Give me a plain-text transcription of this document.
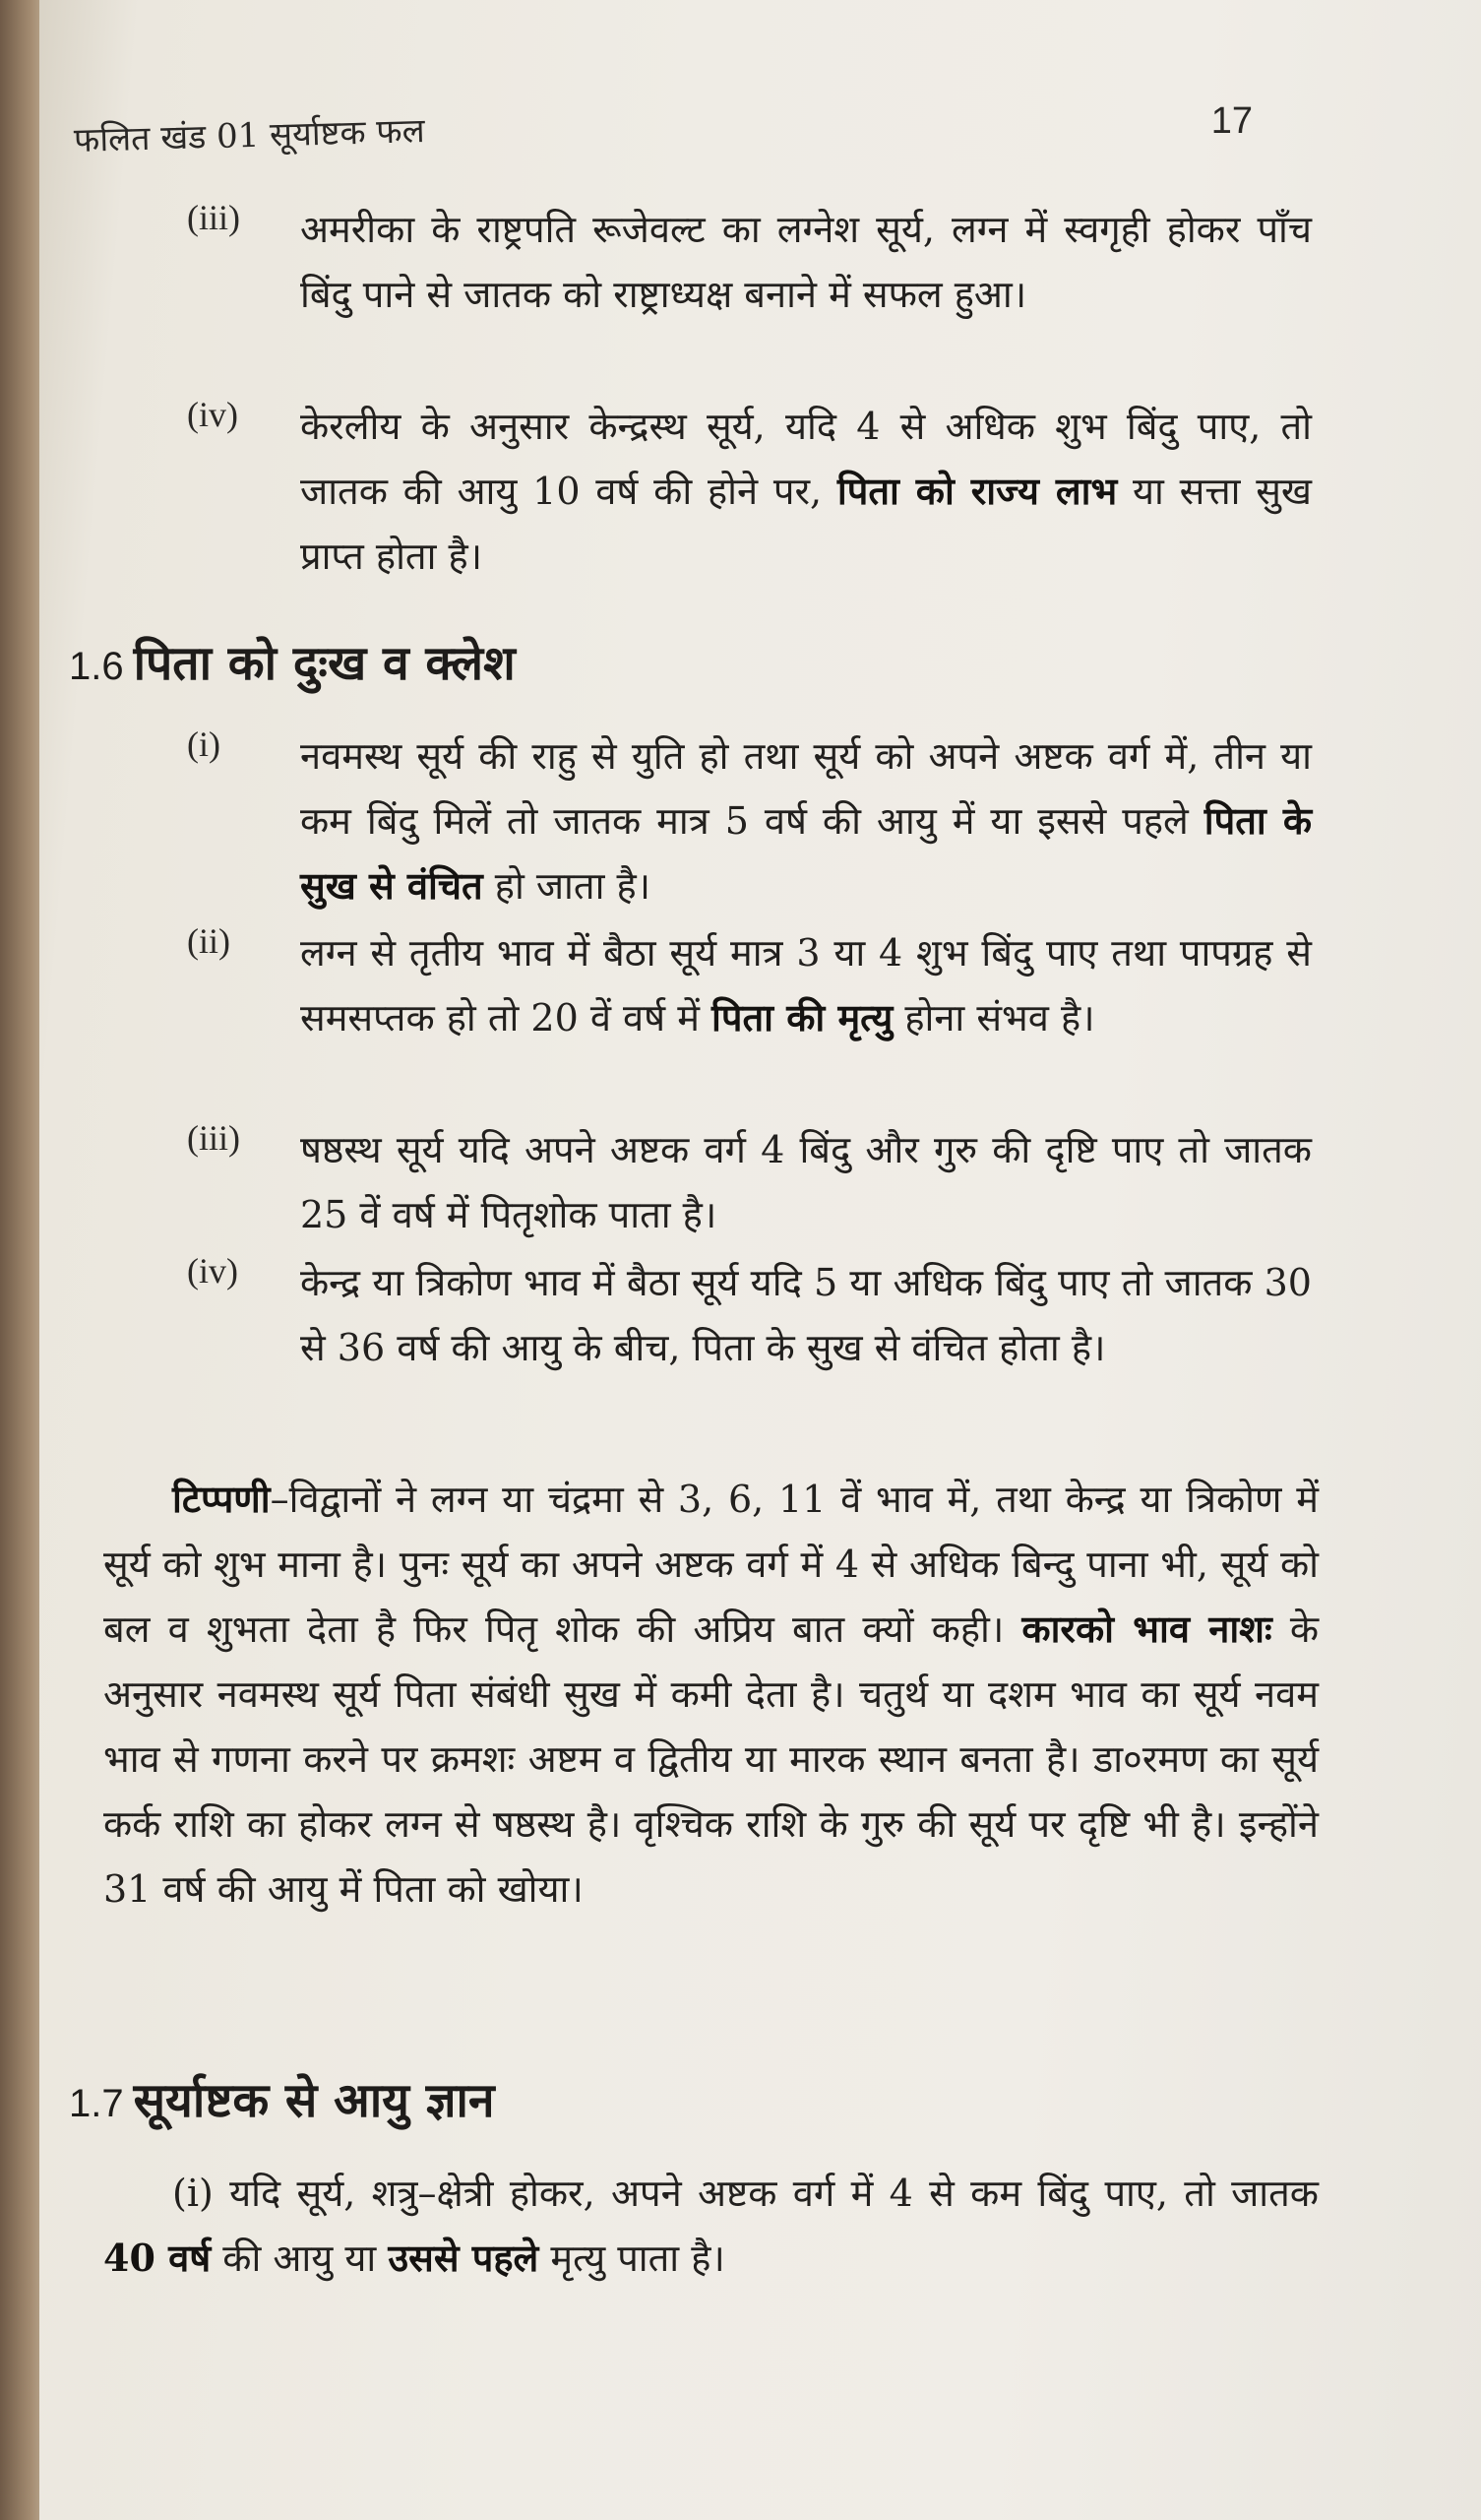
फलित खंड 01 सूर्याष्टक फल	17
(iii) अमरीका के राष्ट्रपति रूजेवल्ट का लग्नेश सूर्य, लग्न में स्वगृही होकर पाँच बिंदु पाने से जातक को राष्ट्राध्यक्ष बनाने में सफल हुआ।
(iv) केरलीय के अनुसार केन्द्रस्थ सूर्य, यदि 4 से अधिक शुभ बिंदु पाए, तो जातक की आयु 10 वर्ष की होने पर, पिता को राज्य लाभ या सत्ता सुख प्राप्त होता है।
1.6 पिता को दुःख व क्लेश
(i) नवमस्थ सूर्य की राहु से युति हो तथा सूर्य को अपने अष्टक वर्ग में, तीन या कम बिंदु मिलें तो जातक मात्र 5 वर्ष की आयु में या इससे पहले पिता के सुख से वंचित हो जाता है।
(ii) लग्न से तृतीय भाव में बैठा सूर्य मात्र 3 या 4 शुभ बिंदु पाए तथा पापग्रह से समसप्तक हो तो 20 वें वर्ष में पिता की मृत्यु होना संभव है।
(iii) षष्ठस्थ सूर्य यदि अपने अष्टक वर्ग 4 बिंदु और गुरु की दृष्टि पाए तो जातक 25 वें वर्ष में पितृशोक पाता है।
(iv) केन्द्र या त्रिकोण भाव में बैठा सूर्य यदि 5 या अधिक बिंदु पाए तो जातक 30 से 36 वर्ष की आयु के बीच, पिता के सुख से वंचित होता है।
टिप्पणी–विद्वानों ने लग्न या चंद्रमा से 3, 6, 11 वें भाव में, तथा केन्द्र या त्रिकोण में सूर्य को शुभ माना है। पुनः सूर्य का अपने अष्टक वर्ग में 4 से अधिक बिन्दु पाना भी, सूर्य को बल व शुभता देता है फिर पितृ शोक की अप्रिय बात क्यों कही। कारको भाव नाशः के अनुसार नवमस्थ सूर्य पिता संबंधी सुख में कमी देता है। चतुर्थ या दशम भाव का सूर्य नवम भाव से गणना करने पर क्रमशः अष्टम व द्वितीय या मारक स्थान बनता है। डा०रमण का सूर्य कर्क राशि का होकर लग्न से षष्ठस्थ है। वृश्चिक राशि के गुरु की सूर्य पर दृष्टि भी है। इन्होंने 31 वर्ष की आयु में पिता को खोया।
1.7 सूर्याष्टक से आयु ज्ञान
(i) यदि सूर्य, शत्रु–क्षेत्री होकर, अपने अष्टक वर्ग में 4 से कम बिंदु पाए, तो जातक 40 वर्ष की आयु या उससे पहले मृत्यु पाता है।
